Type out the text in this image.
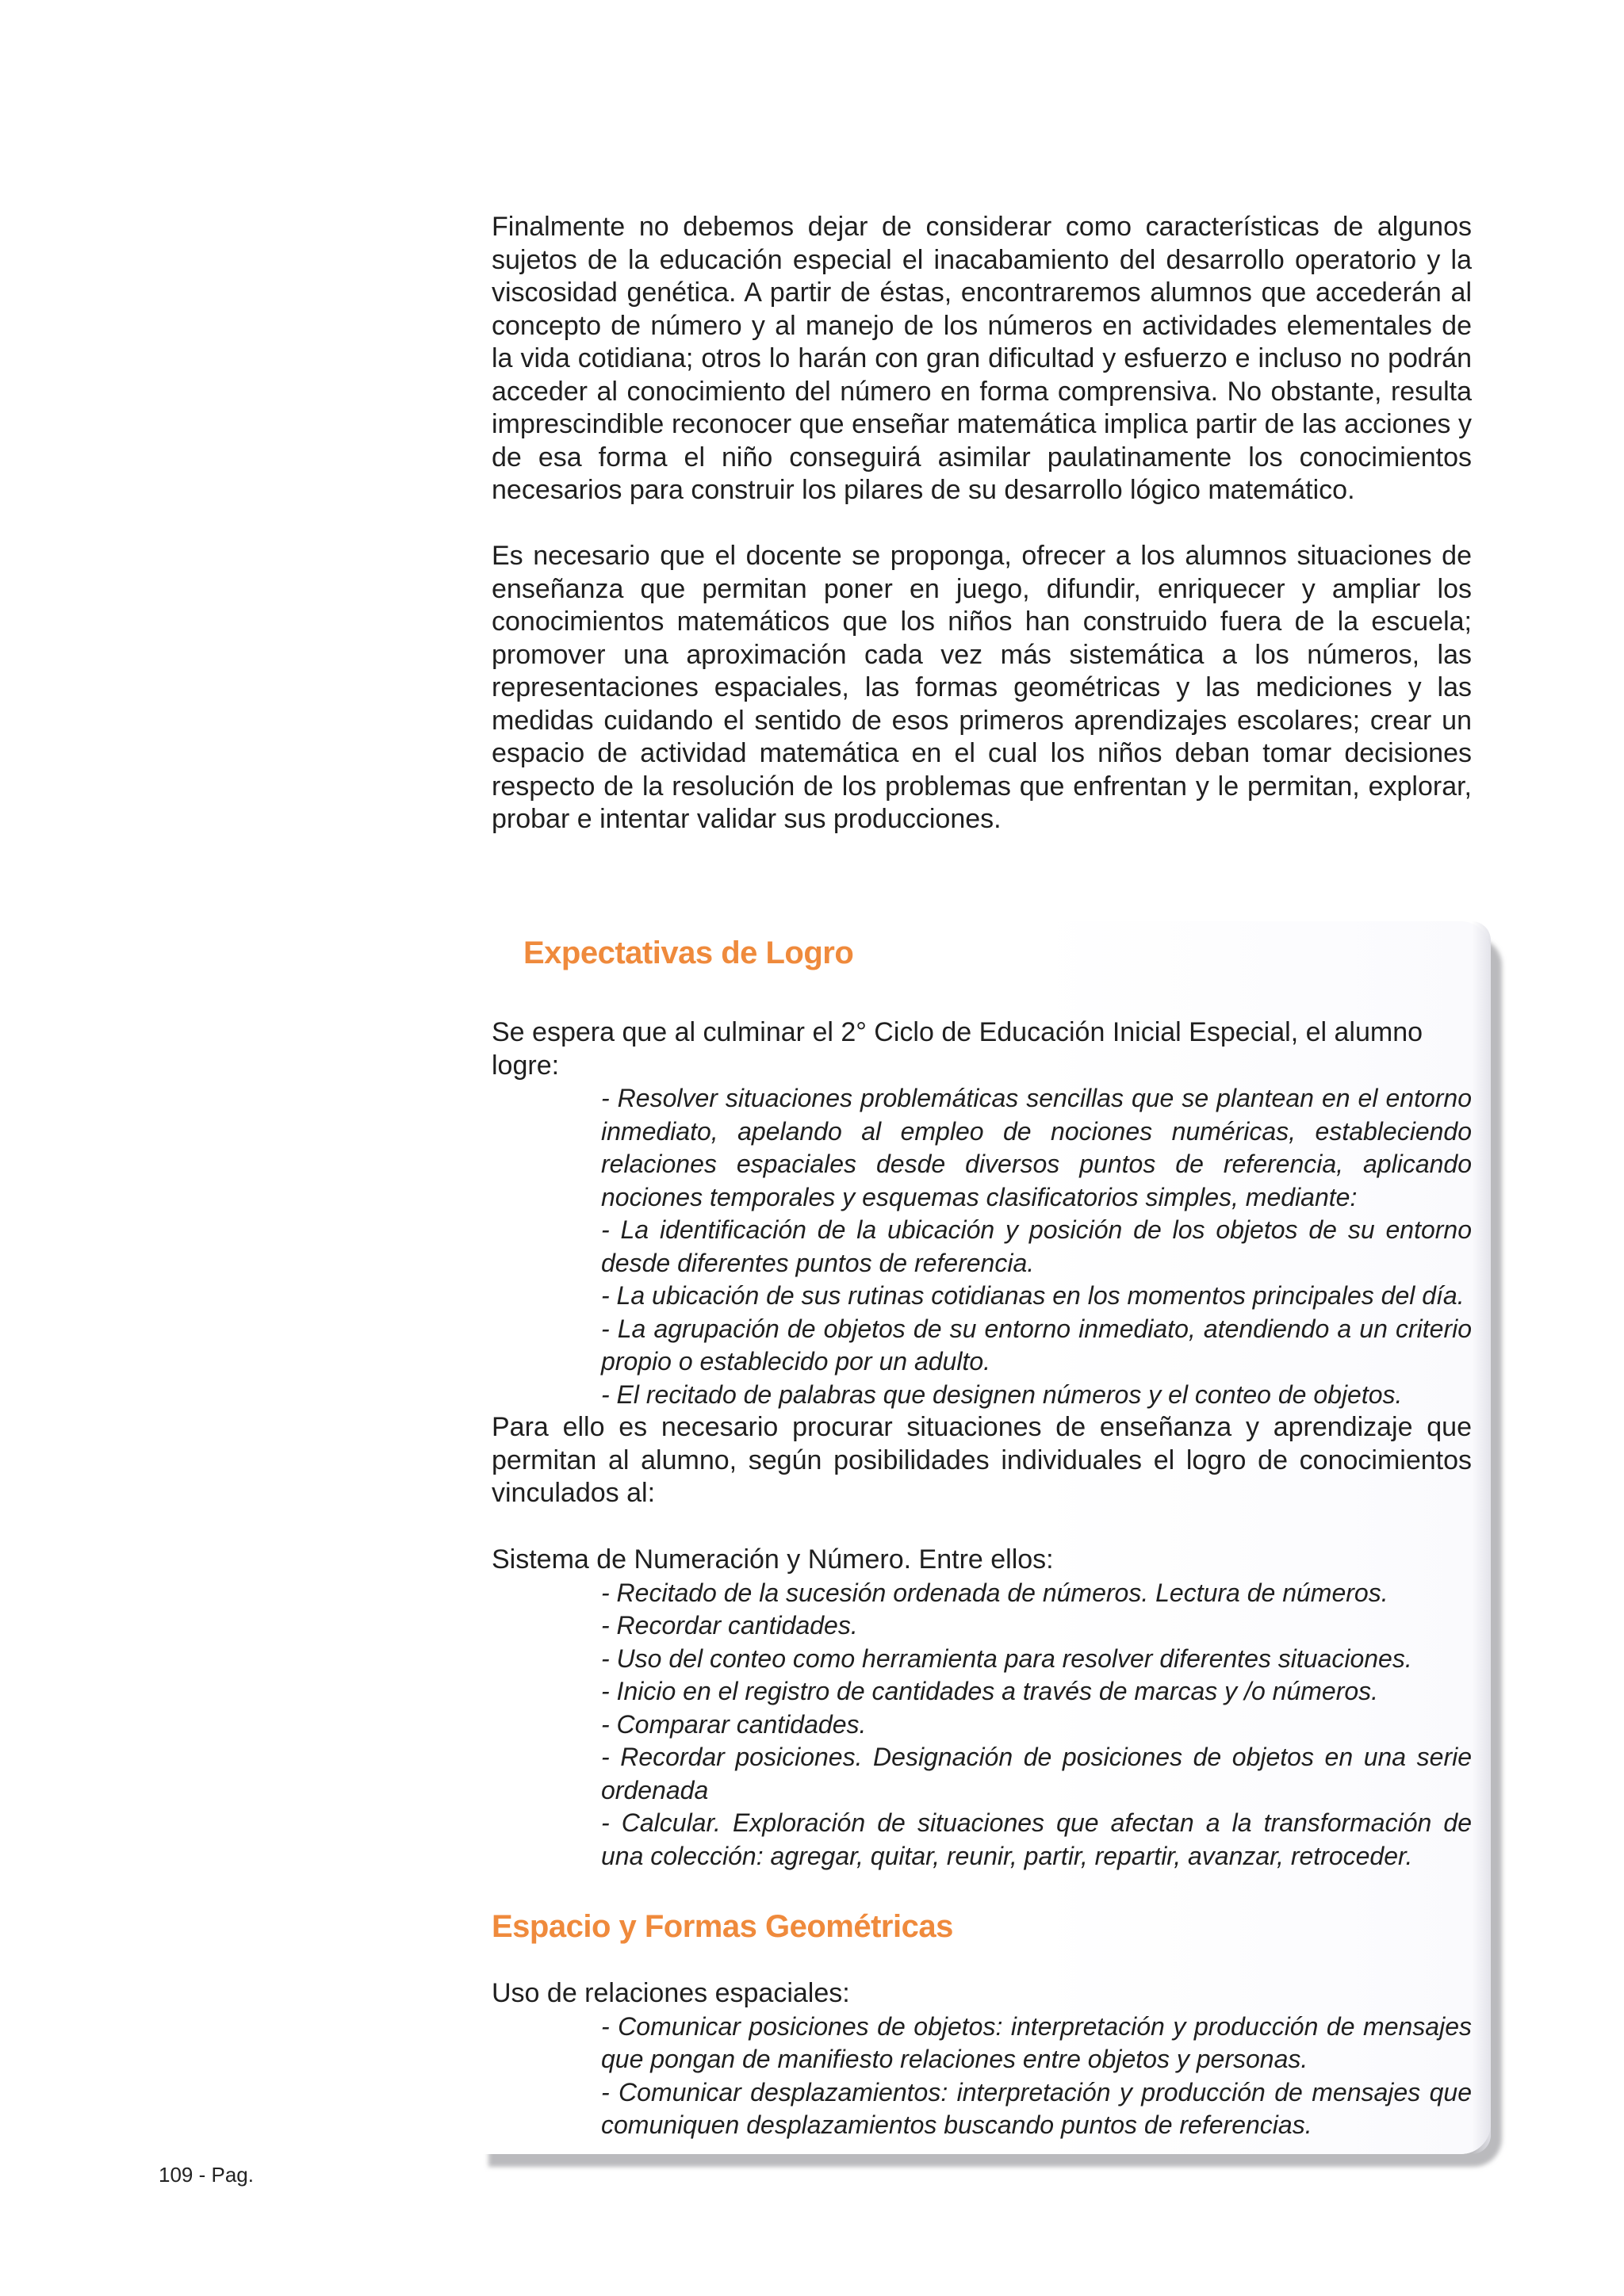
Finalmente no debemos dejar de considerar como características de algunos sujetos de la educación especial el inacabamiento del desarrollo operatorio y la viscosidad genética. A partir de éstas, encontraremos alumnos que accederán al concepto de número y al manejo de los números en actividades elementales de la vida cotidiana; otros lo harán con gran dificultad y esfuerzo e incluso no podrán acceder al conocimiento del número en forma comprensiva. No obstante, resulta imprescindible reconocer que enseñar matemática implica partir de las acciones y de esa forma el niño conseguirá asimilar paulatinamente los conocimientos necesarios para construir los pilares de su desarrollo lógico matemático.

Es necesario que el docente se proponga, ofrecer a los alumnos situaciones de enseñanza que permitan poner en juego, difundir, enriquecer y ampliar los conocimientos matemáticos que los niños han construido fuera de la escuela; promover una aproximación cada vez más sistemática a los números, las representaciones espaciales, las formas geométricas y las mediciones y las medidas cuidando el sentido de esos primeros aprendizajes escolares; crear un espacio de actividad matemática en el cual los niños deban tomar decisiones respecto de la resolución de los problemas que enfrentan y le permitan, explorar, probar e intentar validar sus producciones.

Expectativas de Logro

Se espera que al culminar el 2° Ciclo de Educación Inicial Especial, el alumno logre:

- Resolver situaciones problemáticas sencillas que se plantean en el entorno inmediato, apelando al empleo de nociones numéricas, estableciendo relaciones espaciales desde diversos puntos de referencia, aplicando nociones temporales y esquemas clasificatorios simples, mediante:
- La identificación de la ubicación y posición de los objetos de su entorno desde diferentes puntos de referencia.
- La ubicación de sus rutinas cotidianas en los momentos principales del día.
- La agrupación de objetos de su entorno inmediato, atendiendo a un criterio propio o establecido por un adulto.
- El recitado de palabras que designen números y el conteo de objetos.

Para ello es necesario procurar situaciones de enseñanza y aprendizaje que permitan al alumno, según posibilidades individuales el logro de conocimientos vinculados al:

Sistema de Numeración y Número. Entre ellos:

- Recitado de la sucesión ordenada de números. Lectura de números.
- Recordar cantidades.
- Uso del conteo como herramienta para resolver diferentes situaciones.
- Inicio en el registro de cantidades a través de marcas y /o números.
- Comparar cantidades.
- Recordar posiciones. Designación de posiciones de objetos en una serie ordenada
- Calcular. Exploración de situaciones que afectan a la transformación de una colección: agregar, quitar, reunir, partir, repartir, avanzar, retroceder.
Espacio y Formas Geométricas

Uso de relaciones espaciales:

- Comunicar posiciones de objetos: interpretación y producción de mensajes que pongan de manifiesto relaciones entre objetos y personas.
- Comunicar desplazamientos: interpretación y producción de mensajes que comuniquen desplazamientos buscando puntos de referencias.

109 - Pag.
